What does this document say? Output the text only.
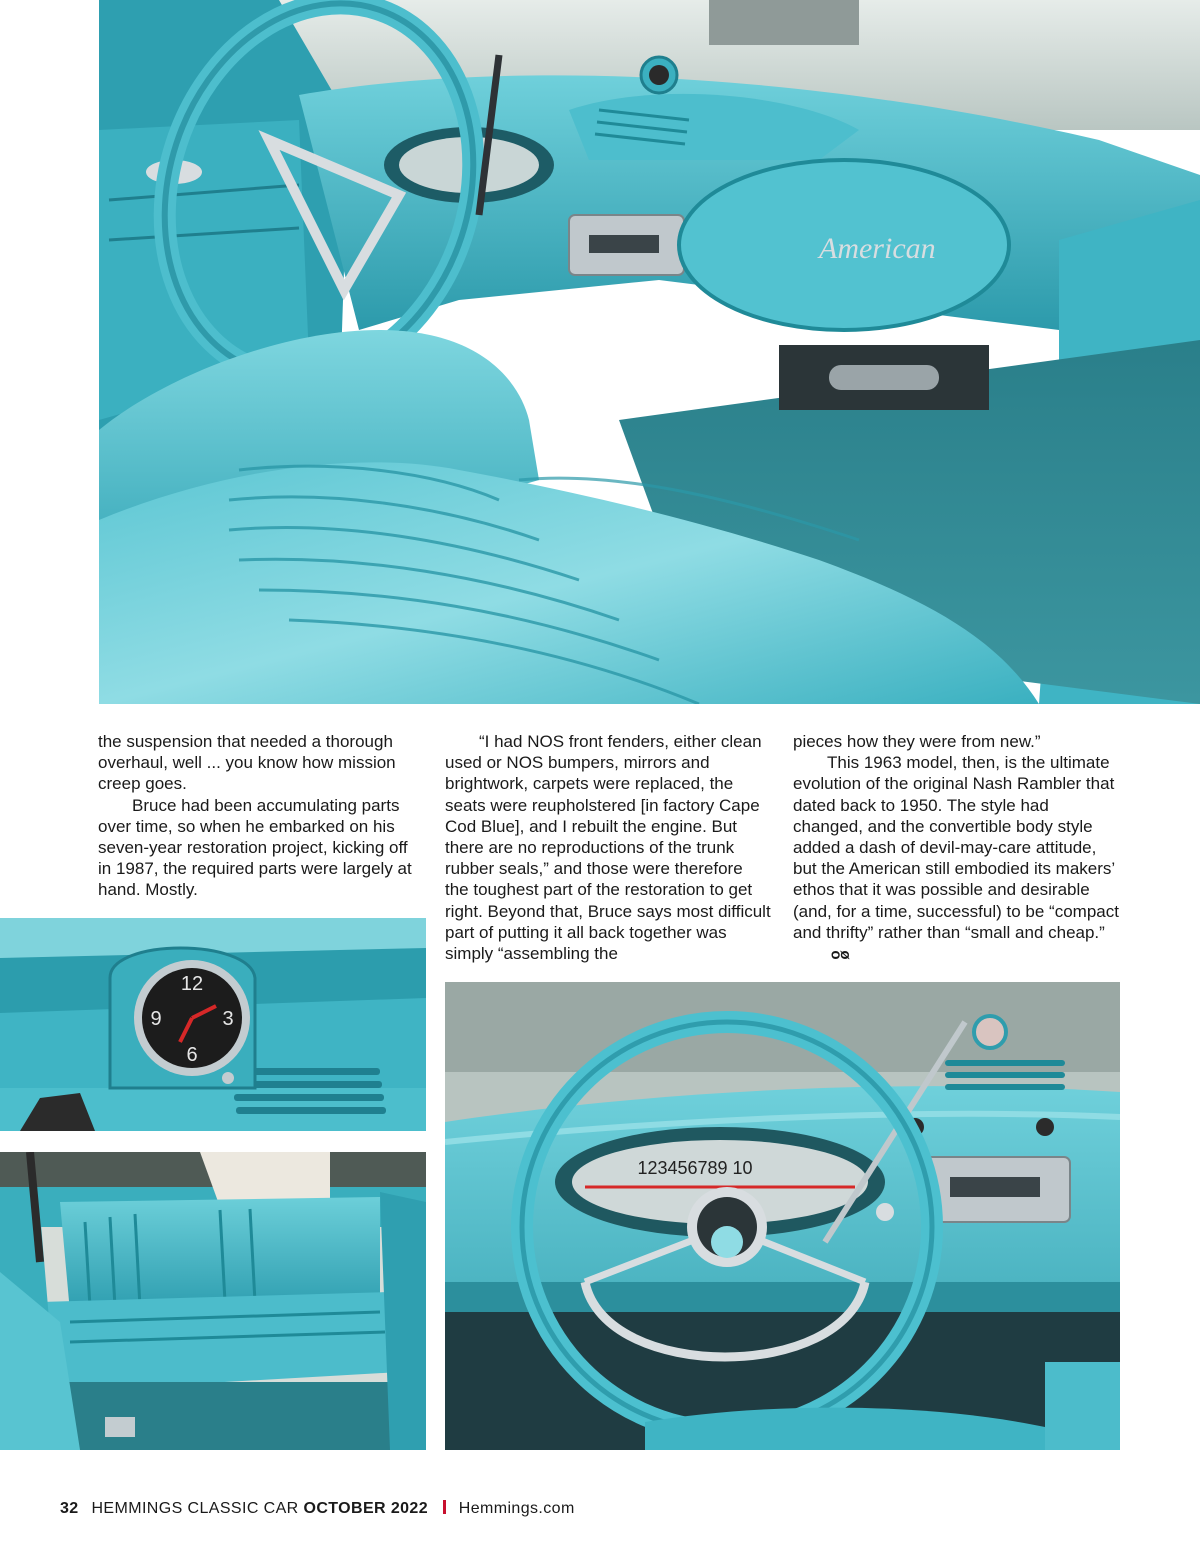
American
12
3
6
9
123456789 10

the suspension that needed a thorough overhaul, well ... you know how mission creep goes.

Bruce had been accumulating parts over time, so when he embarked on his seven-year restoration project, kicking off in 1987, the required parts were largely at hand. Mostly.

“I had NOS front fenders, either clean used or NOS bumpers, mirrors and brightwork, carpets were replaced, the seats were reupholstered [in factory Cape Cod Blue], and I rebuilt the engine. But there are no reproductions of the trunk rubber seals,” and those were therefore the toughest part of the restoration to get right. Beyond that, Bruce says most difficult part of putting it all back together was simply “assembling the

pieces how they were from new.”

This 1963 model, then, is the ultimate evolution of the original Nash Rambler that dated back to 1950. The style had changed, and the convertible body style added a dash of devil-may-care attitude, but the American still embodied its makers’ ethos that it was possible and desirable (and, for a time, successful) to be “compact and thrifty” rather than “small and cheap.”ᴑᴓ

32 HEMMINGS CLASSIC CAR OCTOBER 2022 Hemmings.com
